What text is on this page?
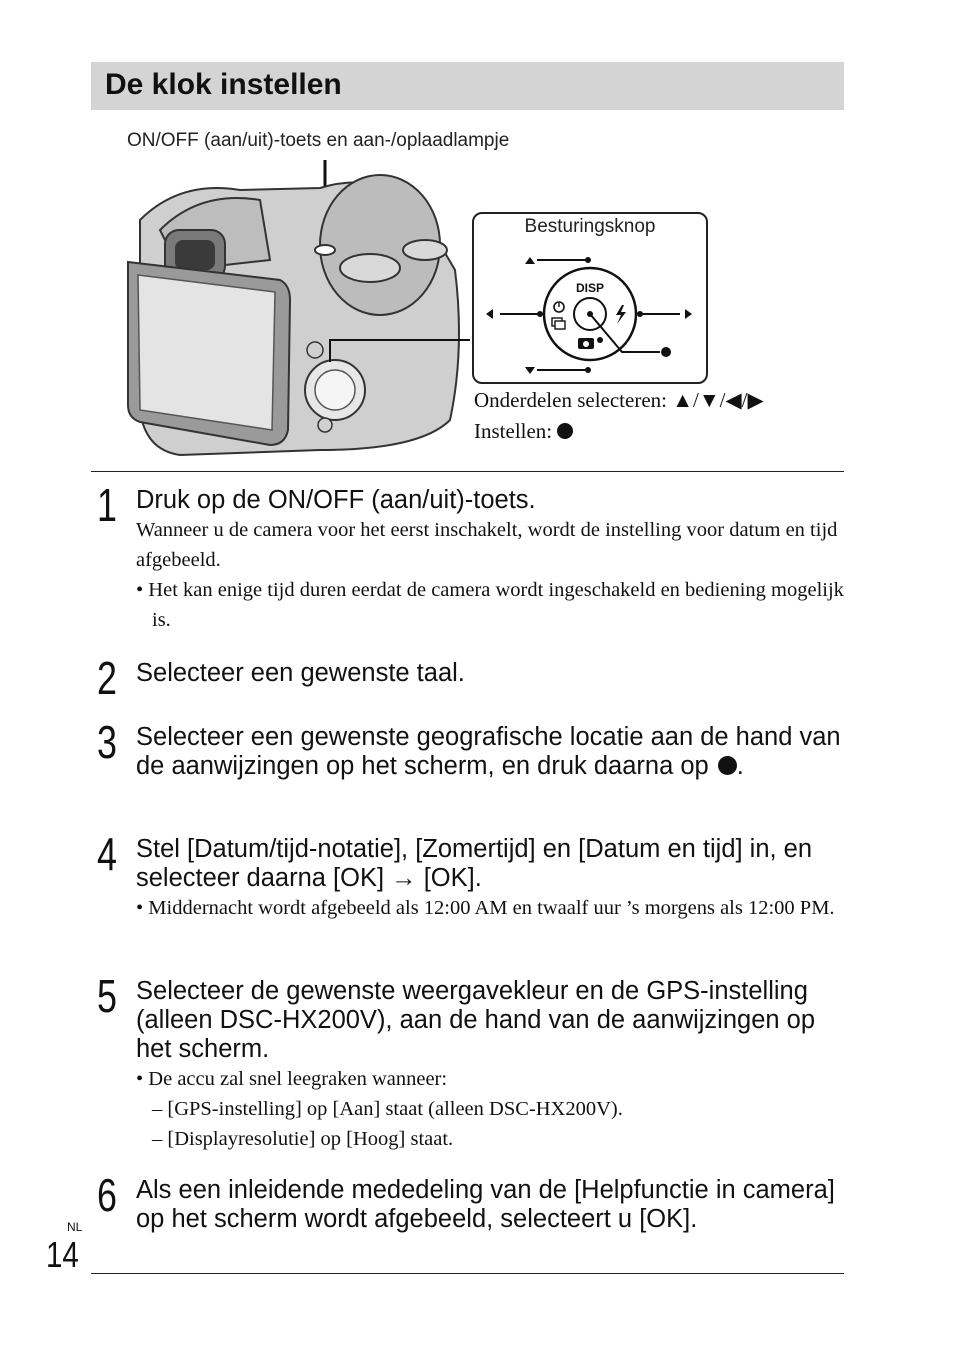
De klok instellen
ON/OFF (aan/uit)-toets en aan-/oplaadlampje
Besturingsknop
DISP
Onderdelen selecteren: ▲/▼/◀/▶
Instellen:
1 Druk op de ON/OFF (aan/uit)-toets.
Wanneer u de camera voor het eerst inschakelt, wordt de instelling voor datum en tijd afgebeeld.
• Het kan enige tijd duren eerdat de camera wordt ingeschakeld en bediening mogelijk is.
2 Selecteer een gewenste taal.
3 Selecteer een gewenste geografische locatie aan de hand van de aanwijzingen op het scherm, en druk daarna op .
4 Stel [Datum/tijd-notatie], [Zomertijd] en [Datum en tijd] in, en selecteer daarna [OK] → [OK].
• Middernacht wordt afgebeeld als 12:00 AM en twaalf uur ’s morgens als 12:00 PM.
5 Selecteer de gewenste weergavekleur en de GPS-instelling (alleen DSC-HX200V), aan de hand van de aanwijzingen op het scherm.
• De accu zal snel leegraken wanneer:
– [GPS-instelling] op [Aan] staat (alleen DSC-HX200V).
– [Displayresolutie] op [Hoog] staat.
6 Als een inleidende mededeling van de [Helpfunctie in camera] op het scherm wordt afgebeeld, selecteert u [OK].
NL
14
